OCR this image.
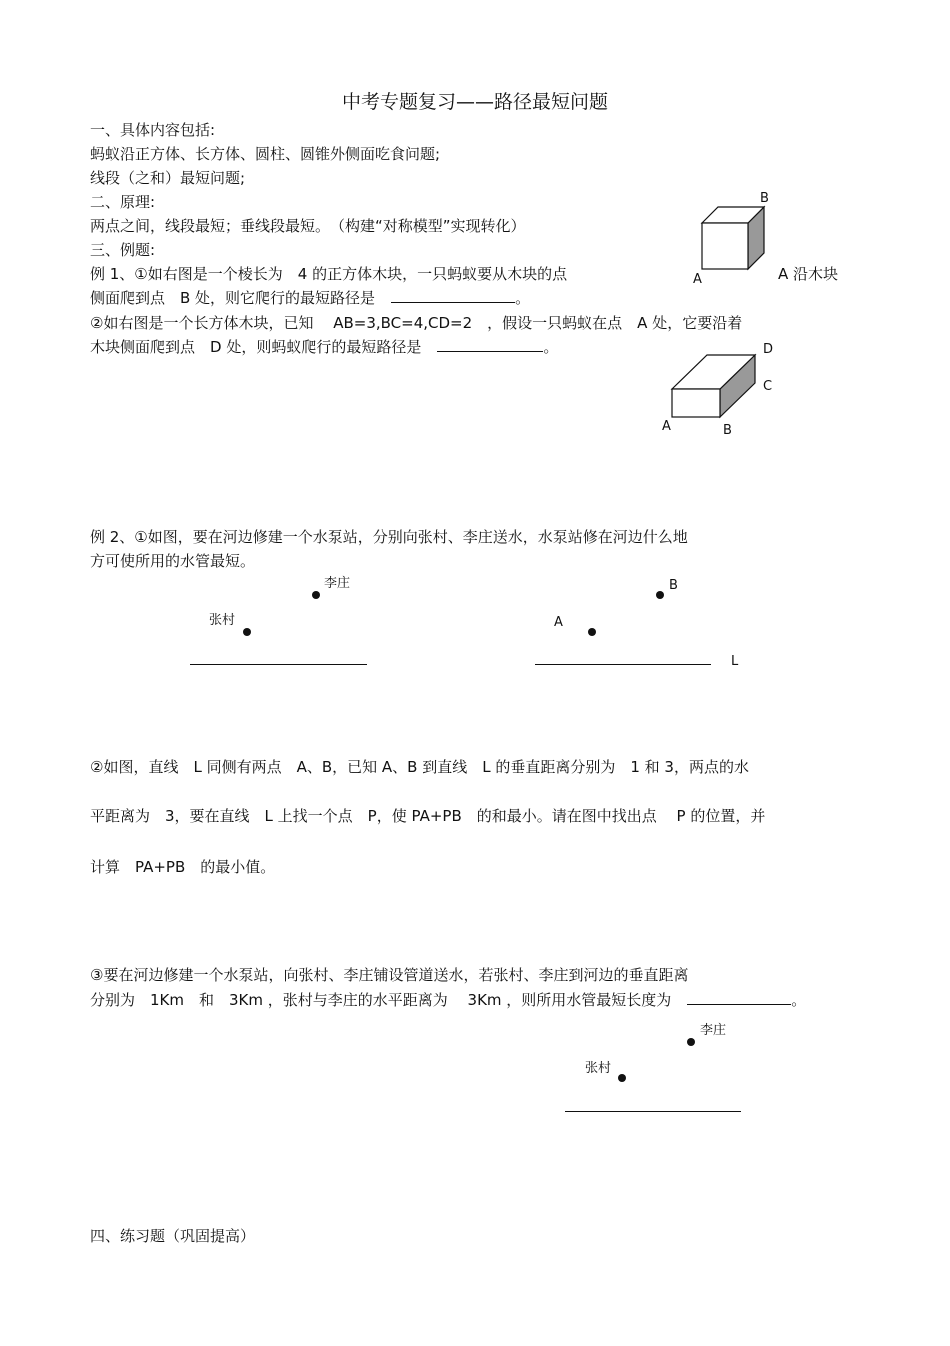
中考专题复习——路径最短问题
一、具体内容包括:
蚂蚁沿正方体、长方体、圆柱、圆锥外侧面吃食问题;
线段（之和）最短问题;
二、原理:
两点之间，线段最短；垂线段最短。　（构建“对称模型”实现转化）
三、例题:
例 1、①如右图是一个棱长为　4 的正方体木块，一只蚂蚁要从木块的点	A 沿木块
侧面爬到点　B 处，则它爬行的最短路径是	。
②如右图是一个长方体木块，已知　 AB=3,BC=4,CD=2　，假设一只蚂蚁在点　A 处，它要沿着
木块侧面爬到点　D 处，则蚂蚁爬行的最短路径是	。
A
B
A	B
C
D
例 2、①如图，要在河边修建一个水泵站，分别向张村、李庄送水，水泵站修在河边什么地
方可使所用的水管最短。
李庄
张村
B
A
L
②如图，直线　L 同侧有两点　A、B，已知 A、B 到直线　L 的垂直距离分别为　1 和 3，两点的水
平距离为　3，要在直线　L 上找一个点　P，使 PA+PB　的和最小。请在图中找出点　 P 的位置，并
计算　PA+PB　的最小值。
③要在河边修建一个水泵站，向张村、李庄铺设管道送水，若张村、李庄到河边的垂直距离
分别为　1Km　和　3Km ，张村与李庄的水平距离为　 3Km ，则所用水管最短长度为	。
李庄
张村
四、练习题（巩固提高）
